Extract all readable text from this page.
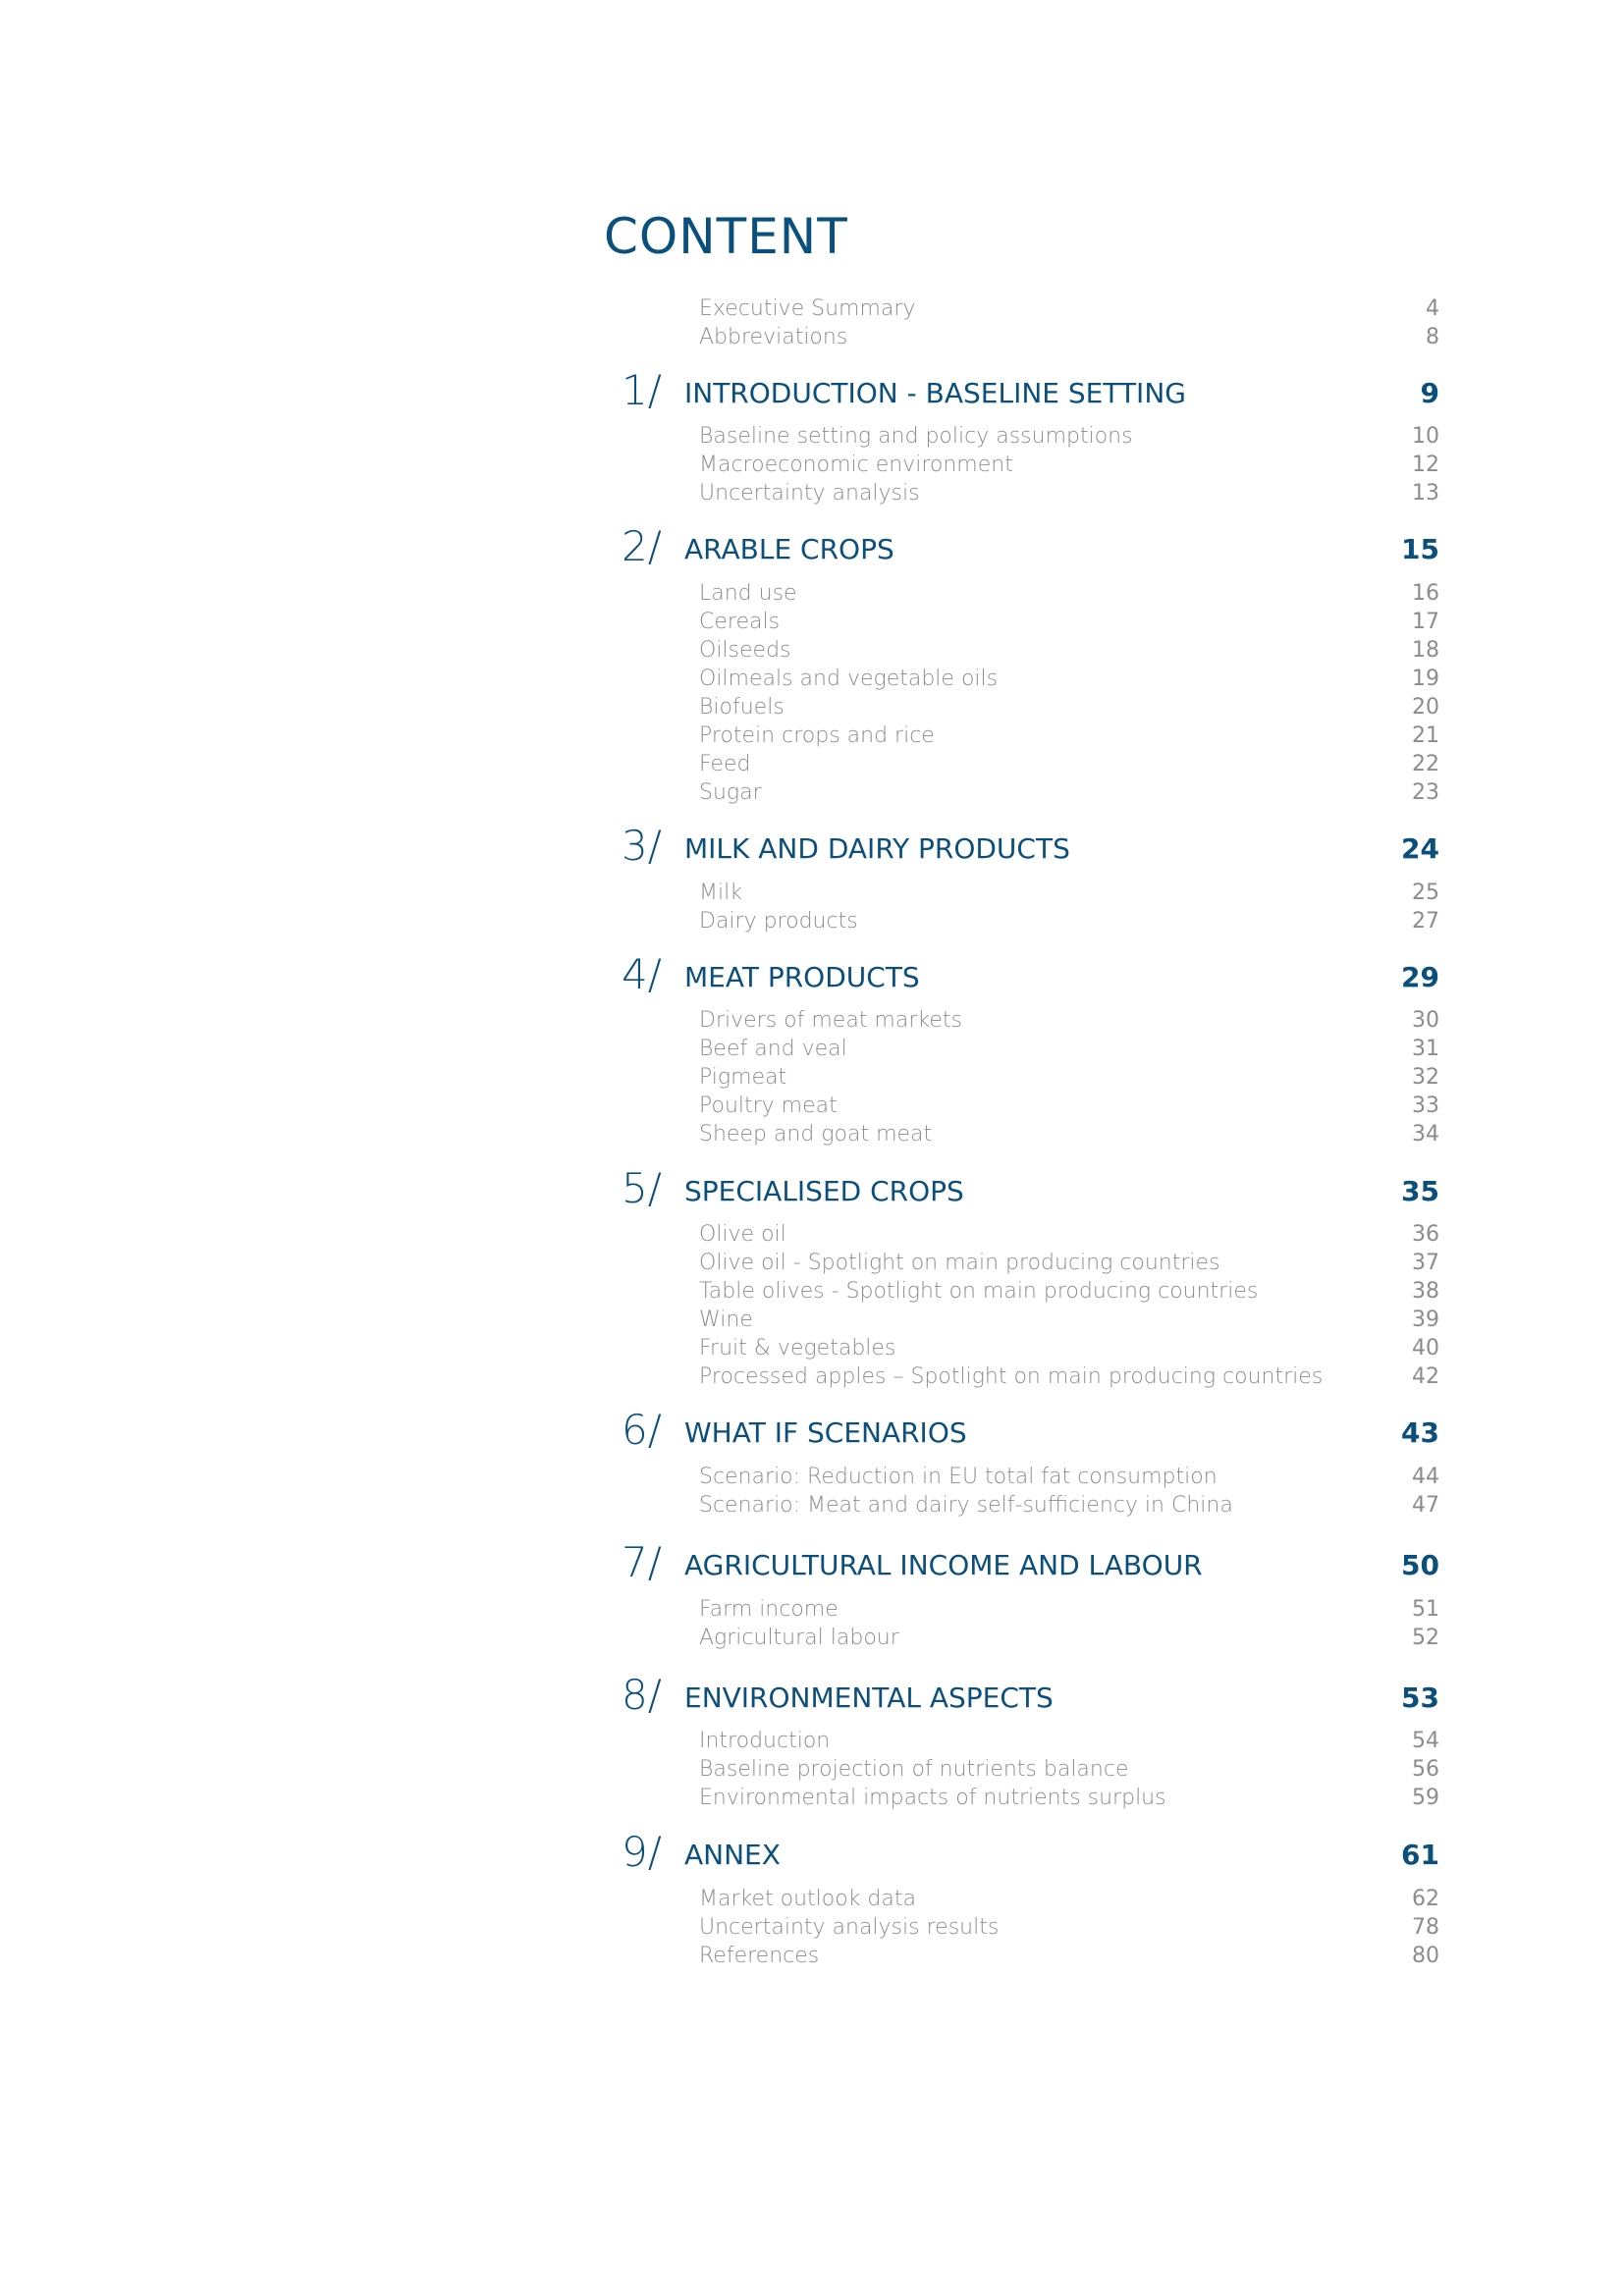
CONTENT
Executive Summary	4
Abbreviations	8
1/ INTRODUCTION - BASELINE SETTING	9
Baseline setting and policy assumptions	10
Macroeconomic environment	12
Uncertainty analysis	13
2/ ARABLE CROPS	15
Land use	16
Cereals	17
Oilseeds	18
Oilmeals and vegetable oils	19
Biofuels	20
Protein crops and rice	21
Feed	22
Sugar	23
3/ MILK AND DAIRY PRODUCTS	24
Milk	25
Dairy products	27
4/ MEAT PRODUCTS	29
Drivers of meat markets	30
Beef and veal	31
Pigmeat	32
Poultry meat	33
Sheep and goat meat	34
5/ SPECIALISED CROPS	35
Olive oil	36
Olive oil - Spotlight on main producing countries	37
Table olives - Spotlight on main producing countries	38
Wine	39
Fruit & vegetables	40
Processed apples – Spotlight on main producing countries	42
6/ WHAT IF SCENARIOS	43
Scenario: Reduction in EU total fat consumption	44
Scenario: Meat and dairy self-sufficiency in China	47
7/ AGRICULTURAL INCOME AND LABOUR	50
Farm income	51
Agricultural labour	52
8/ ENVIRONMENTAL ASPECTS	53
Introduction	54
Baseline projection of nutrients balance	56
Environmental impacts of nutrients surplus	59
9/ ANNEX	61
Market outlook data	62
Uncertainty analysis results	78
References	80
